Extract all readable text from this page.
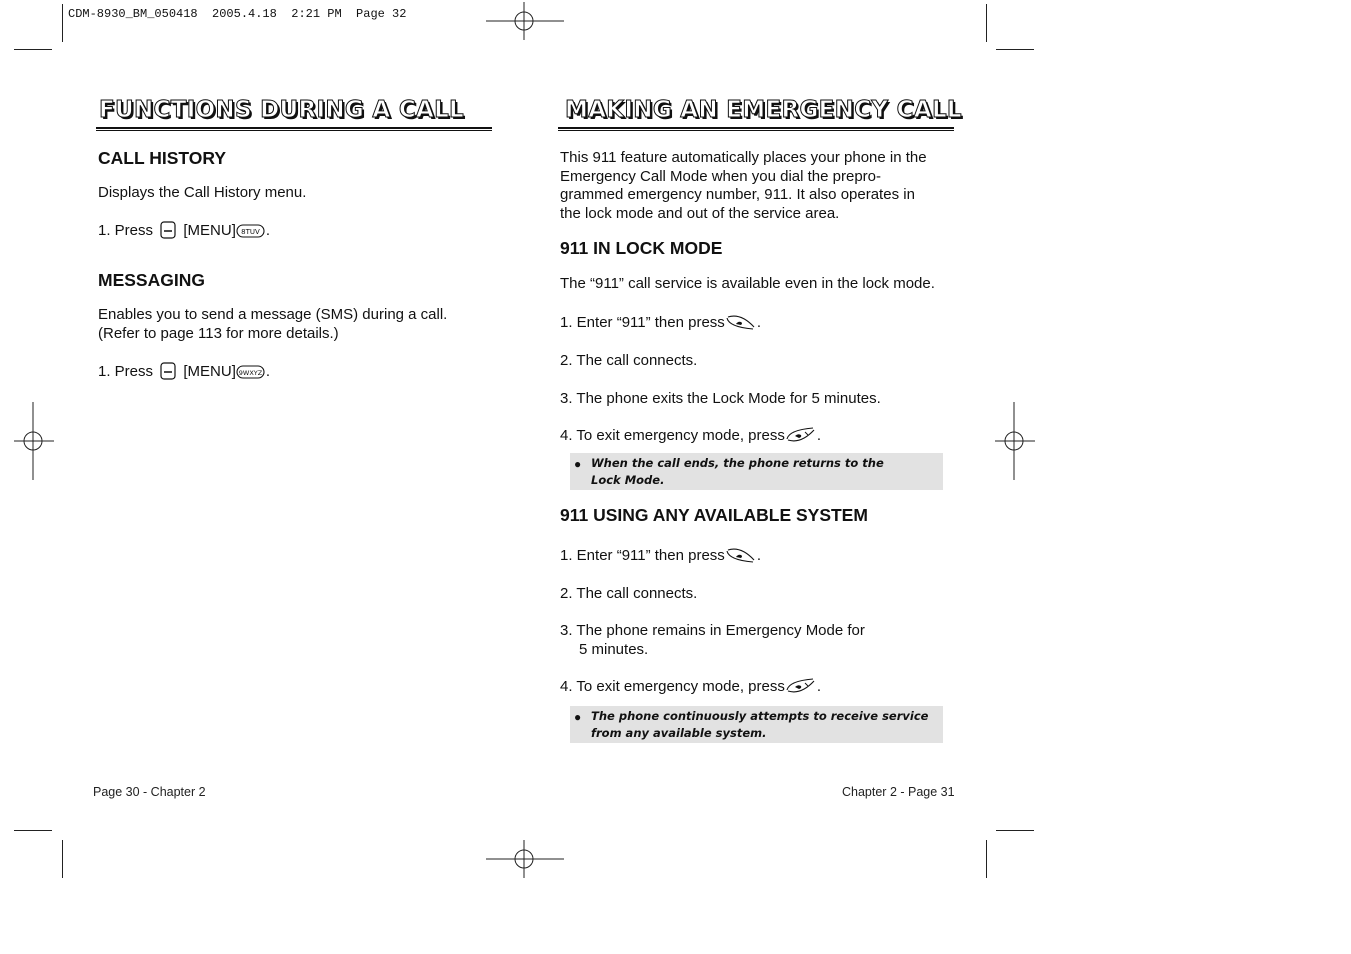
CDM-8930_BM_050418  2005.4.18  2:21 PM  Page 32
FUNCTIONS DURING A CALL
CALL HISTORY

Displays the Call History menu.

1. Press [MENU] 8TUV .

MESSAGING

Enables you to send a message (SMS) during a call.
(Refer to page 113 for more details.)

1. Press [MENU] 9WXYZ .

Page 30 - Chapter 2
MAKING AN EMERGENCY CALL

This 911 feature automatically places your phone in the
Emergency Call Mode when you dial the prepro-
grammed emergency number, 911. It also operates in
the lock mode and out of the service area.

911 IN LOCK MODE

The “911” call service is available even in the lock mode.

1. Enter “911” then press .

2. The call connects.

3. The phone exits the Lock Mode for 5 minutes.

4. To exit emergency mode, press .

● When the call ends, the phone returns to the
Lock Mode.

911 USING ANY AVAILABLE SYSTEM

1. Enter “911” then press .

2. The call connects.

3. The phone remains in Emergency Mode for
5 minutes.

4. To exit emergency mode, press .

● The phone continuously attempts to receive service
from any available system.

Chapter 2 - Page 31
